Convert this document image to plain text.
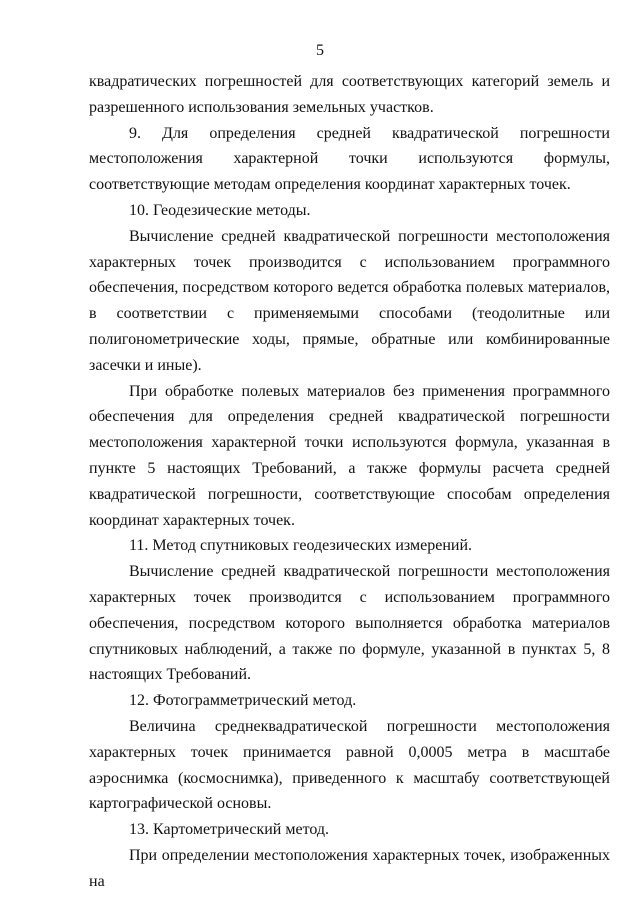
5

квадратических погрешностей для соответствующих категорий земель и разрешенного использования земельных участков.

9. Для определения средней квадратической погрешности местоположения характерной точки используются формулы, соответствующие методам определения координат характерных точек.

10. Геодезические методы.

Вычисление средней квадратической погрешности местоположения характерных точек производится с использованием программного обеспечения, посредством которого ведется обработка полевых материалов, в соответствии с применяемыми способами (теодолитные или полигонометрические ходы, прямые, обратные или комбинированные засечки и иные).

При обработке полевых материалов без применения программного обеспечения для определения средней квадратической погрешности местоположения характерной точки используются формула, указанная в пункте 5 настоящих Требований, а также формулы расчета средней квадратической погрешности, соответствующие способам определения координат характерных точек.

11. Метод спутниковых геодезических измерений.

Вычисление средней квадратической погрешности местоположения характерных точек производится с использованием программного обеспечения, посредством которого выполняется обработка материалов спутниковых наблюдений, а также по формуле, указанной в пунктах 5, 8 настоящих Требований.

12. Фотограмметрический метод.

Величина среднеквадратической погрешности местоположения характерных точек принимается равной 0,0005 метра в масштабе аэроснимка (космоснимка), приведенного к масштабу соответствующей картографической основы.

13. Картометрический метод.

При определении местоположения характерных точек, изображенных на
